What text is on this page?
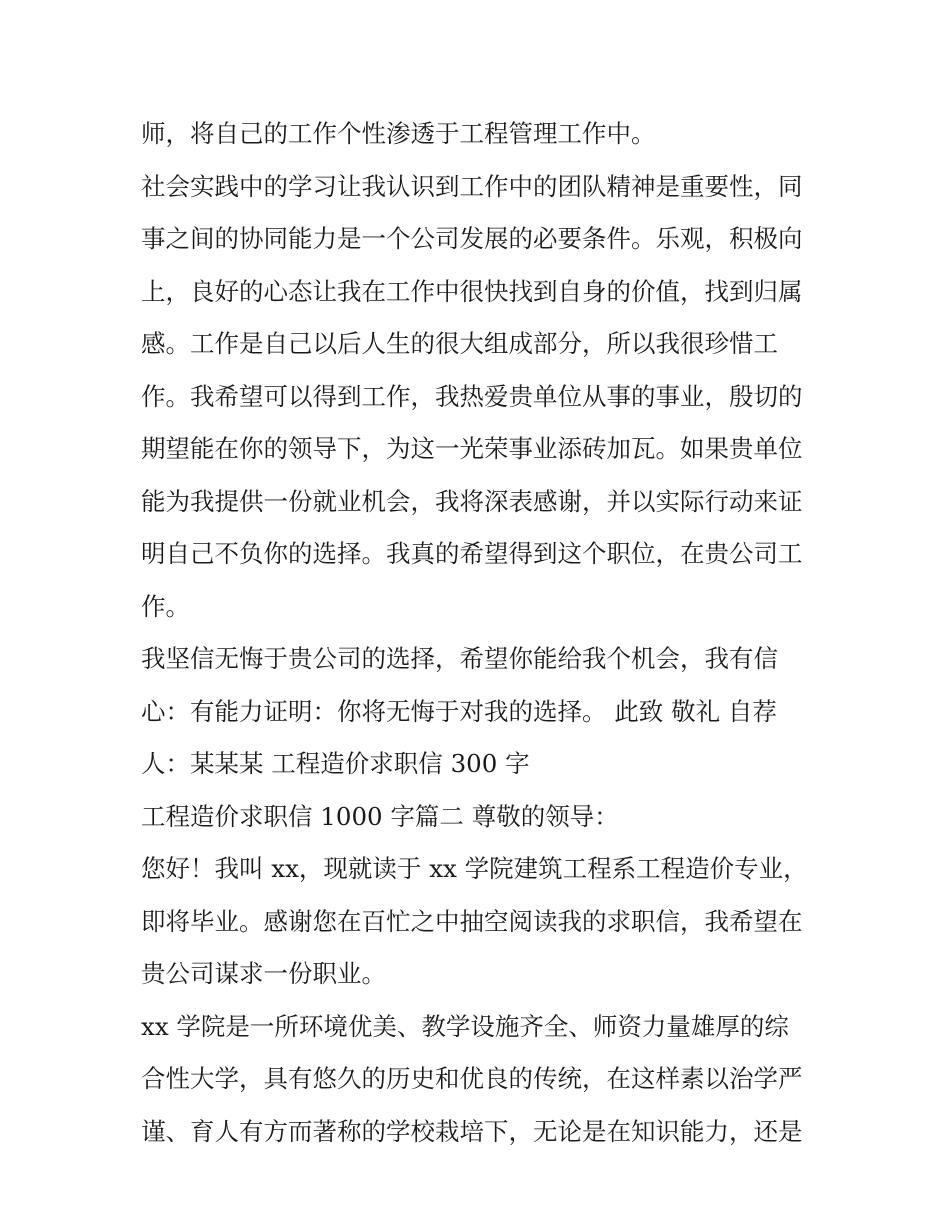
师，将自己的工作个性渗透于工程管理工作中。
社会实践中的学习让我认识到工作中的团队精神是重要性，同
事之间的协同能力是一个公司发展的必要条件。乐观，积极向
上，良好的心态让我在工作中很快找到自身的价值，找到归属
感。工作是自己以后人生的很大组成部分，所以我很珍惜工
作。我希望可以得到工作，我热爱贵单位从事的事业，殷切的
期望能在你的领导下，为这一光荣事业添砖加瓦。如果贵单位
能为我提供一份就业机会，我将深表感谢，并以实际行动来证
明自己不负你的选择。我真的希望得到这个职位，在贵公司工
作。
我坚信无悔于贵公司的选择，希望你能给我个机会，我有信
心：有能力证明：你将无悔于对我的选择。 此致 敬礼 自荐
人：某某某 工程造价求职信 300 字
工程造价求职信 1000 字篇二 尊敬的领导：
您好！我叫 xx，现就读于 xx 学院建筑工程系工程造价专业，
即将毕业。感谢您在百忙之中抽空阅读我的求职信，我希望在
贵公司谋求一份职业。
xx 学院是一所环境优美、教学设施齐全、师资力量雄厚的综
合性大学，具有悠久的历史和优良的传统，在这样素以治学严
谨、育人有方而著称的学校栽培下，无论是在知识能力，还是
